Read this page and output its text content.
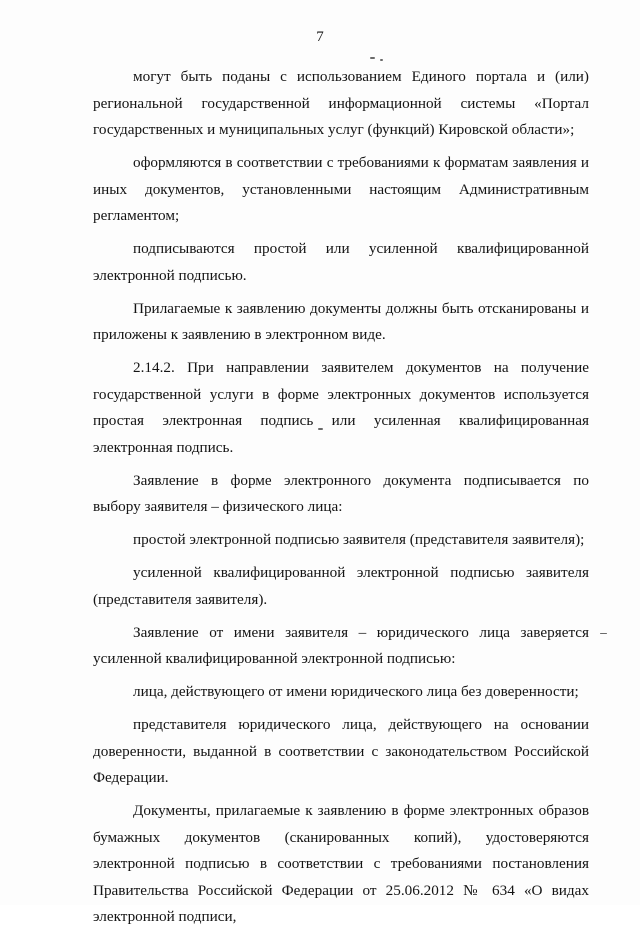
7

могут быть поданы с использованием Единого портала и (или) региональной государственной информационной системы «Портал государственных и муниципальных услуг (функций) Кировской области»;

оформляются в соответствии с требованиями к форматам заявления и иных документов, установленными настоящим Административным регламентом;

подписываются простой или усиленной квалифицированной электронной подписью.

Прилагаемые к заявлению документы должны быть отсканированы и приложены к заявлению в электронном виде.

2.14.2. При направлении заявителем документов на получение государственной услуги в форме электронных документов используется простая электронная подпись или усиленная квалифицированная электронная подпись.

Заявление в форме электронного документа подписывается по выбору заявителя – физического лица:

простой электронной подписью заявителя (представителя заявителя);

усиленной квалифицированной электронной подписью заявителя (представителя заявителя).

Заявление от имени заявителя – юридического лица заверяется усиленной квалифицированной электронной подписью:

лица, действующего от имени юридического лица без доверенности;

представителя юридического лица, действующего на основании доверенности, выданной в соответствии с законодательством Российской Федерации.

Документы, прилагаемые к заявлению в форме электронных образов бумажных документов (сканированных копий), удостоверяются электронной подписью в соответствии с требованиями постановления Правительства Российской Федерации от 25.06.2012 № 634 «О видах электронной подписи,
